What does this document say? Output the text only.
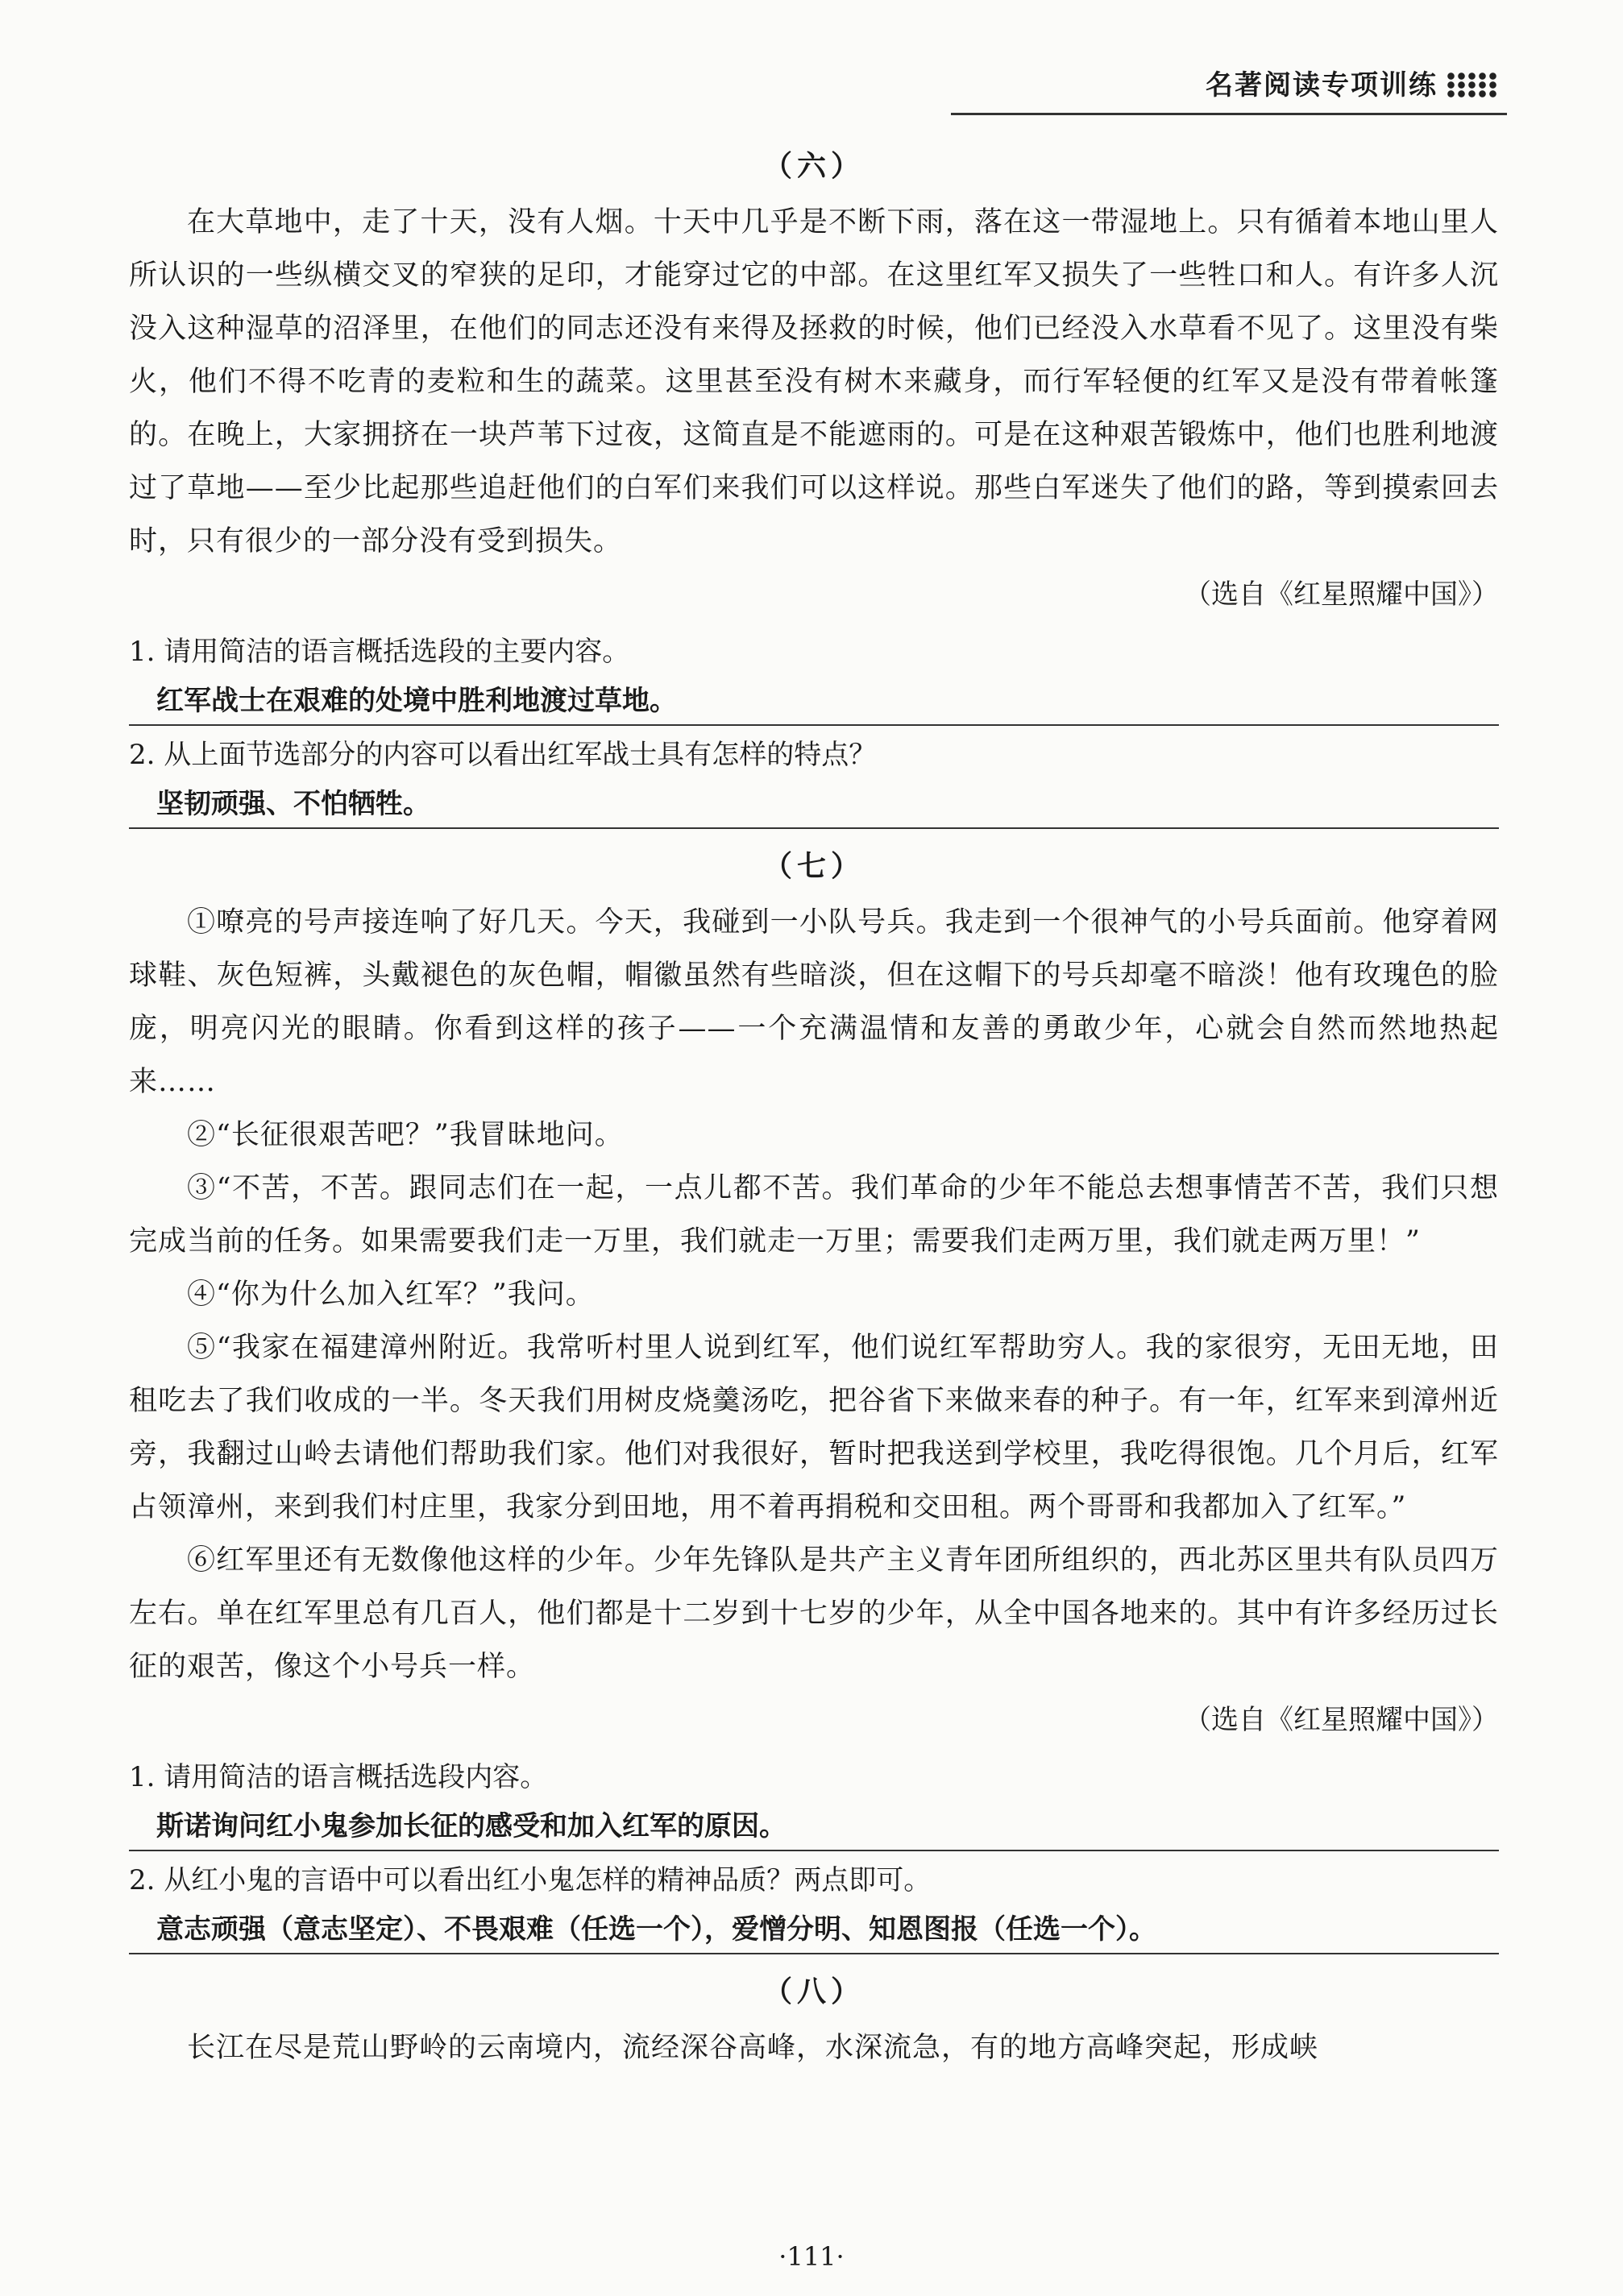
名著阅读专项训练
（六）

在大草地中，走了十天，没有人烟。十天中几乎是不断下雨，落在这一带湿地上。只有循着本地山里人所认识的一些纵横交叉的窄狭的足印，才能穿过它的中部。在这里红军又损失了一些牲口和人。有许多人沉没入这种湿草的沼泽里，在他们的同志还没有来得及拯救的时候，他们已经没入水草看不见了。这里没有柴火，他们不得不吃青的麦粒和生的蔬菜。这里甚至没有树木来藏身，而行军轻便的红军又是没有带着帐篷的。在晚上，大家拥挤在一块芦苇下过夜，这简直是不能遮雨的。可是在这种艰苦锻炼中，他们也胜利地渡过了草地——至少比起那些追赶他们的白军们来我们可以这样说。那些白军迷失了他们的路，等到摸索回去时，只有很少的一部分没有受到损失。

（选自《红星照耀中国》）
1. 请用简洁的语言概括选段的主要内容。
红军战士在艰难的处境中胜利地渡过草地。
2. 从上面节选部分的内容可以看出红军战士具有怎样的特点？
坚韧顽强、不怕牺牲。
（七）

①嘹亮的号声接连响了好几天。今天，我碰到一小队号兵。我走到一个很神气的小号兵面前。他穿着网球鞋、灰色短裤，头戴褪色的灰色帽，帽徽虽然有些暗淡，但在这帽下的号兵却毫不暗淡！他有玫瑰色的脸庞，明亮闪光的眼睛。你看到这样的孩子——一个充满温情和友善的勇敢少年，心就会自然而然地热起来……

②“长征很艰苦吧？”我冒昧地问。

③“不苦，不苦。跟同志们在一起，一点儿都不苦。我们革命的少年不能总去想事情苦不苦，我们只想完成当前的任务。如果需要我们走一万里，我们就走一万里；需要我们走两万里，我们就走两万里！”

④“你为什么加入红军？”我问。

⑤“我家在福建漳州附近。我常听村里人说到红军，他们说红军帮助穷人。我的家很穷，无田无地，田租吃去了我们收成的一半。冬天我们用树皮烧羹汤吃，把谷省下来做来春的种子。有一年，红军来到漳州近旁，我翻过山岭去请他们帮助我们家。他们对我很好，暂时把我送到学校里，我吃得很饱。几个月后，红军占领漳州，来到我们村庄里，我家分到田地，用不着再捐税和交田租。两个哥哥和我都加入了红军。”

⑥红军里还有无数像他这样的少年。少年先锋队是共产主义青年团所组织的，西北苏区里共有队员四万左右。单在红军里总有几百人，他们都是十二岁到十七岁的少年，从全中国各地来的。其中有许多经历过长征的艰苦，像这个小号兵一样。

（选自《红星照耀中国》）
1. 请用简洁的语言概括选段内容。
斯诺询问红小鬼参加长征的感受和加入红军的原因。
2. 从红小鬼的言语中可以看出红小鬼怎样的精神品质？两点即可。
意志顽强（意志坚定）、不畏艰难（任选一个），爱憎分明、知恩图报（任选一个）。
（八）

长江在尽是荒山野岭的云南境内，流经深谷高峰，水深流急，有的地方高峰突起，形成峡

·111·
